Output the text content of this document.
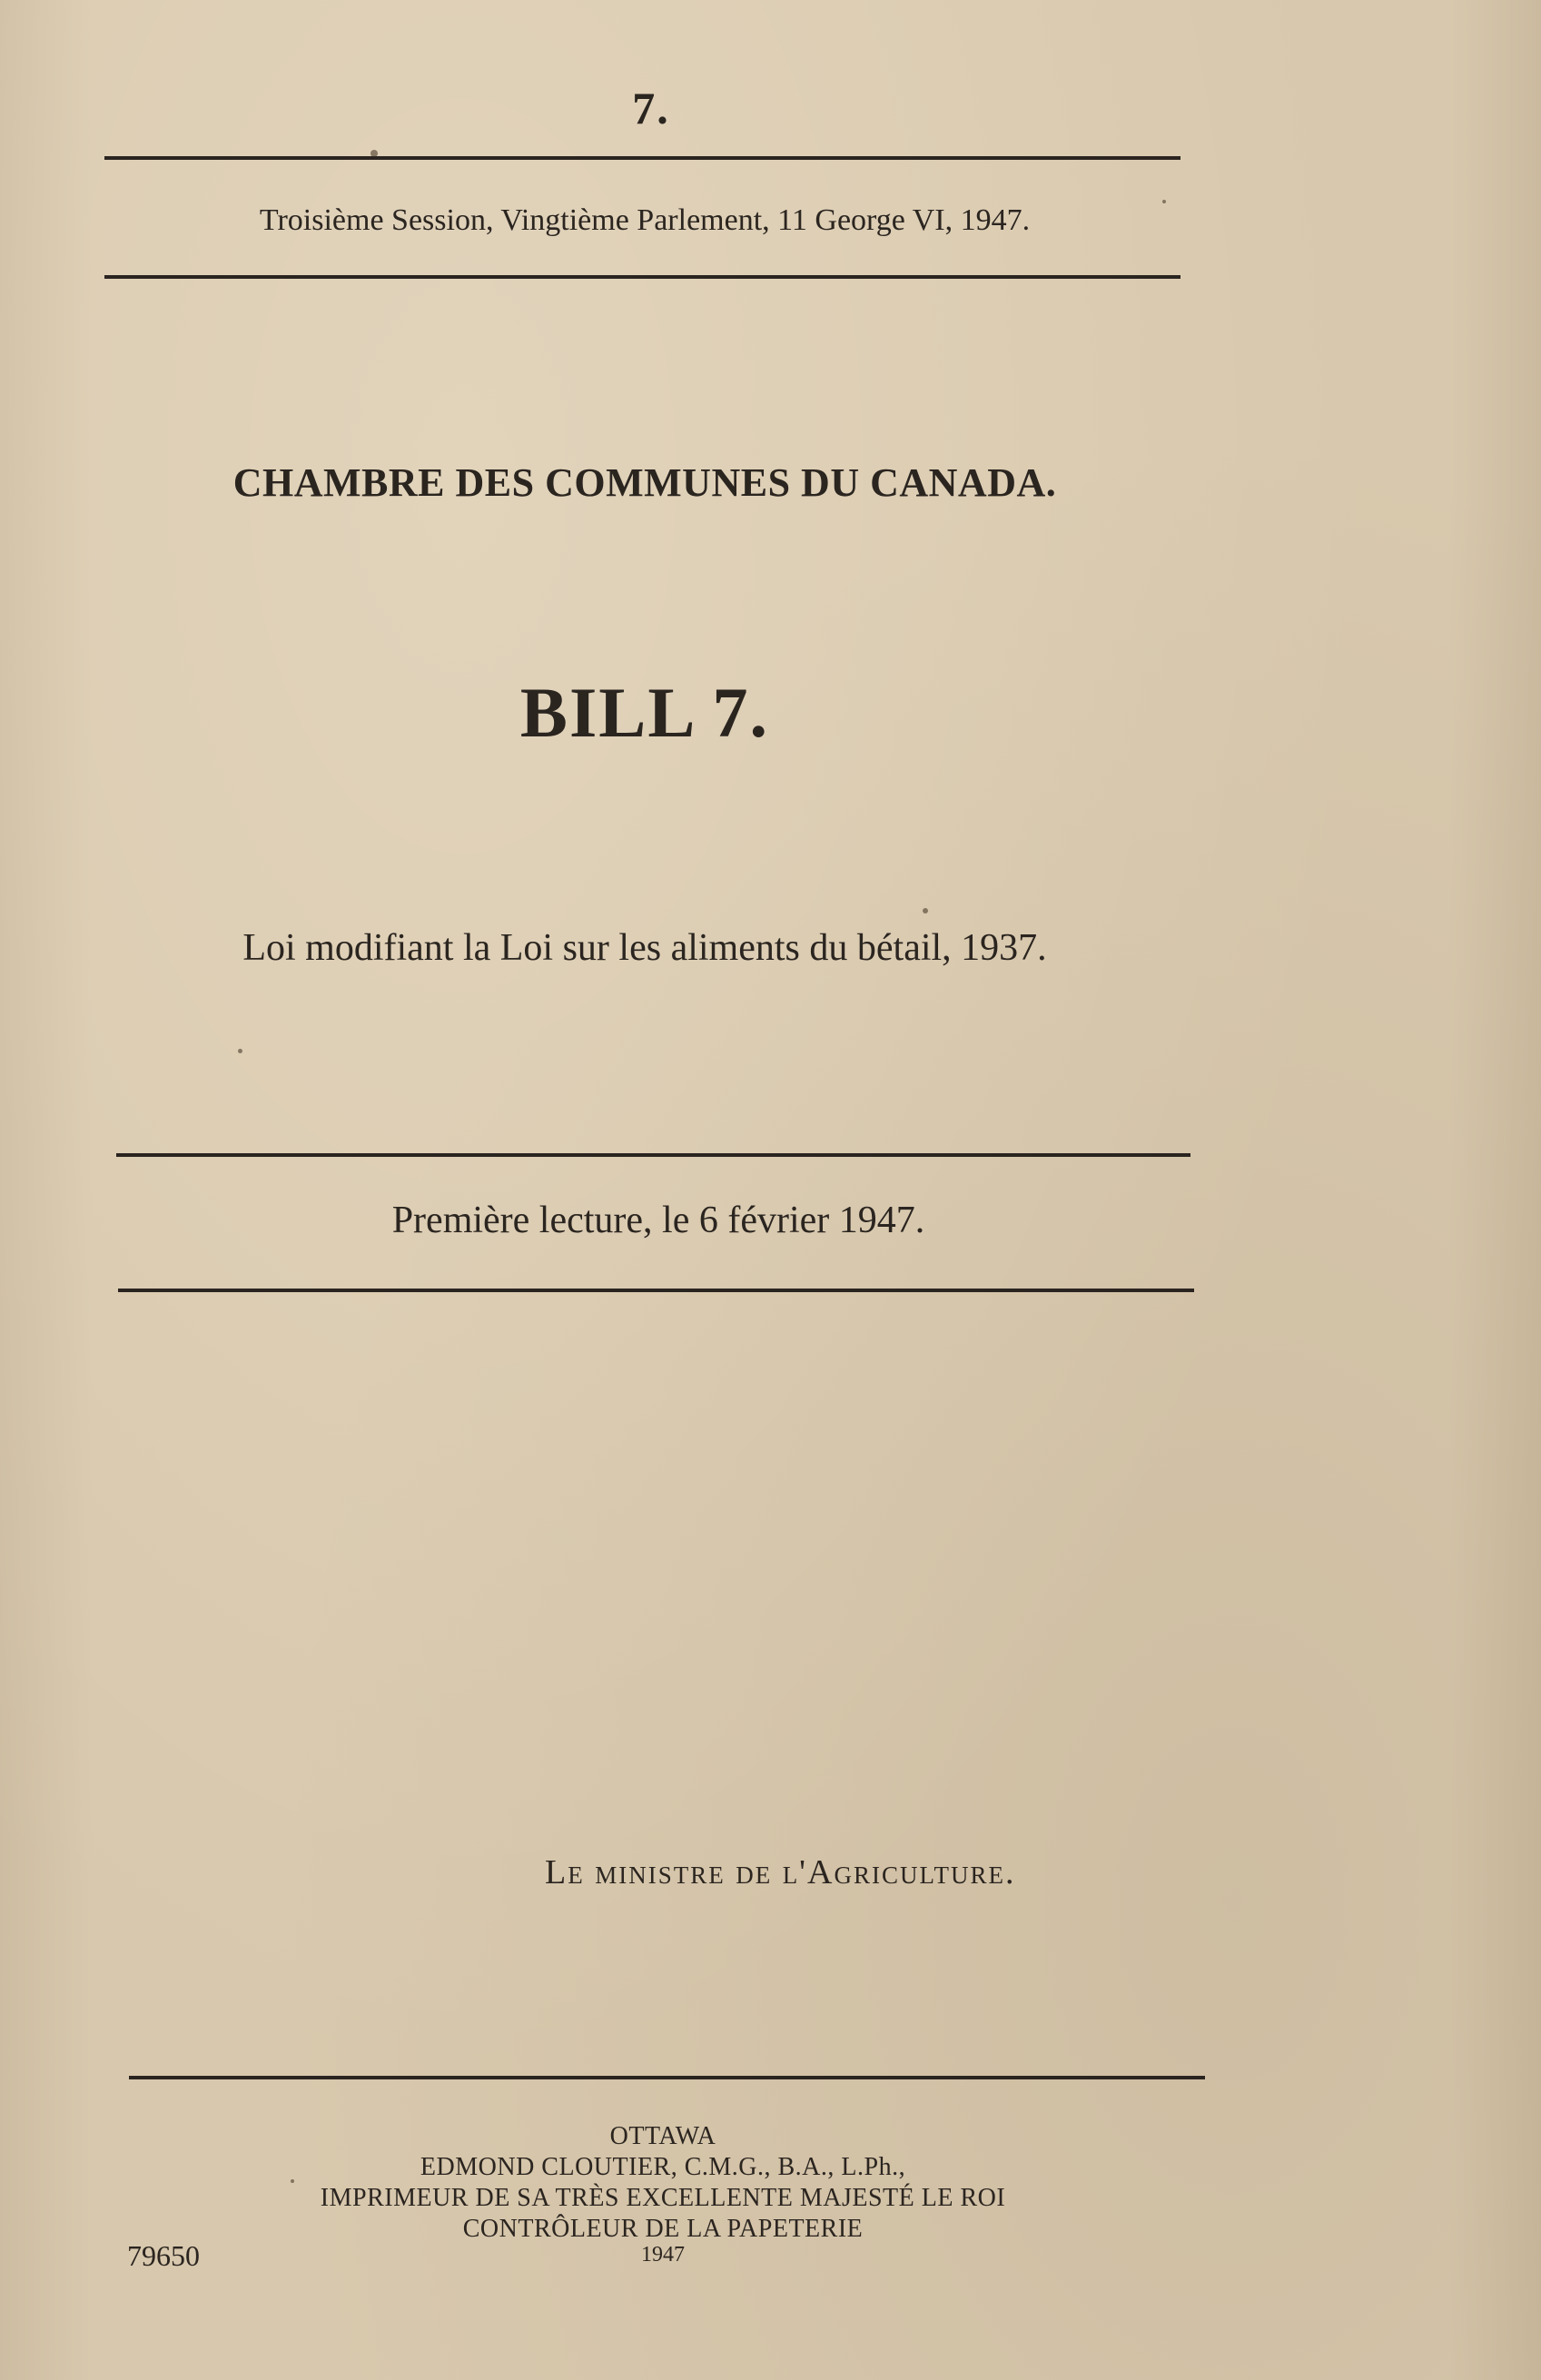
7.
Troisième Session, Vingtième Parlement, 11 George VI, 1947.
CHAMBRE DES COMMUNES DU CANADA.
BILL 7.
Loi modifiant la Loi sur les aliments du bétail, 1937.
Première lecture, le 6 février 1947.
Le ministre de l'Agriculture.
OTTAWA
EDMOND CLOUTIER, C.M.G., B.A., L.Ph.,
IMPRIMEUR DE SA TRÈS EXCELLENTE MAJESTÉ LE ROI
CONTRÔLEUR DE LA PAPETERIE
1947
79650
